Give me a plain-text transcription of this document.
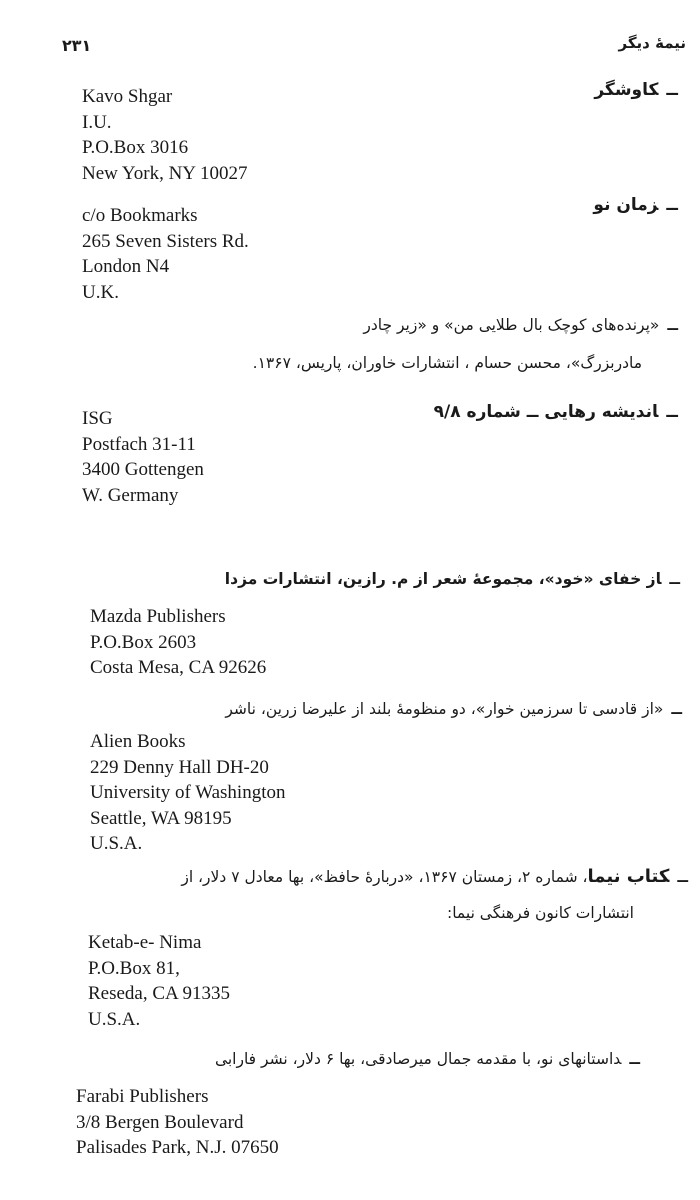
۲۳۱	نیمهٔ دیگر
ــکاوشگر
Kavo Shgar
I.U.
P.O.Box 3016
New York, NY 10027
ــزمان نو
c/o Bookmarks
265 Seven Sisters Rd.
London N4
U.K.
ــ«پرنده‌های کوچک بال طلایی من» و «زیر چادر
مادربزرگ»، محسن حسام ، انتشارات خاوران، پاریس، ۱۳۶۷.
ــاندیشه رهایی ــ شماره ۹/۸
ISG
Postfach 31-11
3400 Gottengen
W. Germany
ــاز خفای «خود»، مجموعهٔ شعر از م. رازین، انتشارات مزدا
Mazda Publishers
P.O.Box 2603
Costa Mesa, CA 92626
ــ«از قادسی تا سرزمین خوار»، دو منظومهٔ بلند از علیرضا زرین، ناشر
Alien Books
229 Denny Hall DH-20
University of Washington
Seattle, WA 98195
U.S.A.
ــکتاب نیما، شماره ۲، زمستان ۱۳۶۷، «دربارهٔ حافظ»، بها معادل ۷ دلار، از
انتشارات کانون فرهنگی نیما:
Ketab-e- Nima
P.O.Box 81,
Reseda, CA 91335
U.S.A.
ــداستانهای نو، با مقدمه جمال میرصادقی، بها ۶ دلار، نشر فارابی
Farabi Publishers
3/8 Bergen Boulevard
Palisades Park, N.J. 07650
